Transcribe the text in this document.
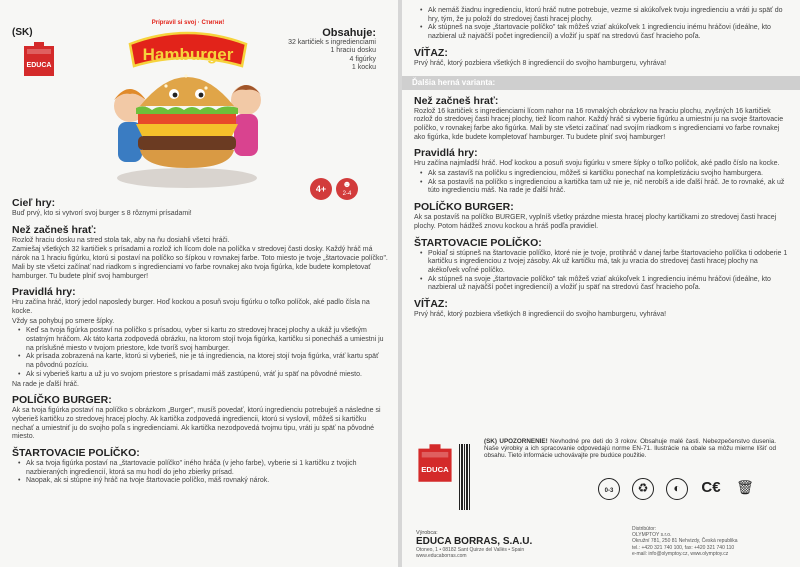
(SK)
EDUCA
Hamburger
Prípravil si svoj · Стигни!
Obsahuje:
32 kartičiek s ingredienciami
1 hraciu dosku
4 figúrky
1 kocku
4+	☻
2-4
Cieľ hry:
Buď prvý, kto si vytvorí svoj burger s 8 rôznymi prísadami!
Než začneš hrať:
Rozlož hraciu dosku na stred stola tak, aby na ňu dosiahli všetci hráči.
Zamiešaj všetkých 32 kartičiek s prísadami a rozlož ich lícom dole na políčka v stredovej časti dosky. Každý hráč má nárok na 1 hraciu figúrku, ktorú si postaví na políčko so šípkou v rovnakej farbe. Toto miesto je tvoje „štartovacie políčko". Mali by ste všetci začínať nad riadkom s ingredienciami vo farbe rovnakej ako tvoja figúrka, kde budete kompletovať hamburger. Tu budete plniť svoj hamburger!
Pravidlá hry:
Hru začína hráč, ktorý jedol naposledy burger. Hoď kockou a posuň svoju figúrku o toľko políčok, aké padlo čísla na kocke.
Vždy sa pohybuj po smere šípky.
• Keď sa tvoja figúrka postaví na políčko s prísadou, vyber si kartu zo stredovej hracej plochy a ukáž ju všetkým ostatným hráčom. Ak táto karta zodpovedá obrázku, na ktorom stojí tvoja figúrka, kartičku si ponecháš a umiestni ju na príslušné miesto v tvojom priestore, kde tvoríš svoj hamburger.
• Ak prísada zobrazená na karte, ktorú si vyberieš, nie je tá ingrediencia, na ktorej stojí tvoja figúrka, vráť kartu späť na pôvodnú pozíciu.
• Ak si vyberieš kartu a už ju vo svojom priestore s prísadami máš zastúpenú, vráť ju späť na pôvodné miesto.
Na rade je ďalší hráč.
POLÍČKO BURGER:
Ak sa tvoja figúrka postaví na políčko s obrázkom „Burger", musíš povedať, ktorú ingredienciu potrebuješ a následne si vyberieš kartičku zo stredovej hracej plochy. Ak kartička zodpovedá ingrediencii, ktorú si vyslovil, môžeš si kartičku nechať a umiestniť ju do svojho poľa s ingredienciami. Ak kartička nezodpovedá tvojmu tipu, vráti ju späť na pôvodné miesto.
ŠTARTOVACIE POLÍČKO:
• Ak sa tvoja figúrka postaví na „štartovacie políčko" iného hráča (v jeho farbe), vyberie si 1 kartičku z tvojich nazbieraných ingrediencií, ktorá sa mu hodí do jeho zbierky prísad.
• Naopak, ak si stúpne iný hráč na tvoje štartovacie políčko, máš rovnaký nárok.
• Ak nemáš žiadnu ingredienciu, ktorú hráč nutne potrebuje, vezme si akúkoľvek tvoju ingredienciu a vráti ju späť do hry, tým, že ju položí do stredovej časti hracej plochy.
• Ak stúpneš na svoje „štartovacie políčko" tak môžeš vziať akúkoľvek 1 ingredienciu inému hráčovi (ideálne, kto nazbieral už najväčší počet ingrediencií) a vložiť ju späť na stredovú časť hracieho poľa.
VÍŤAZ:
Prvý hráč, ktorý pozbiera všetkých 8 ingrediencií do svojho hamburgeru, vyhráva!
Ďalšia herná varianta:
Než začneš hrať:
Rozlož 16 kartičiek s ingredienciami lícom nahor na 16 rovnakých obrázkov na hraciu plochu, zvyšných 16 kartičiek rozlož do stredovej časti hracej plochy, tiež lícom nahor. Každý hráč si vyberie figúrku a umiestni ju na svoje štartovacie políčko, v rovnakej farbe ako figúrka. Mali by ste všetci začínať nad svojím riadkom s ingredienciami vo farbe rovnakej ako figúrka, kde budete kompletovať hamburger. Tu budete plniť svoj hamburger!
Pravidlá hry:
Hru začína najmladší hráč. Hoď kockou a posuň svoju figúrku v smere šípky o toľko políčok, aké padlo číslo na kocke.
• Ak sa zastavíš na políčku s ingredienciou, môžeš si kartičku ponechať na kompletizáciu svojho hamburgera.
• Ak sa postavíš na políčko s ingredienciou a kartička tam už nie je, nič nerobíš a ide ďalší hráč. Je to rovnaké, ak už túto ingredienciu máš. Na rade je ďalší hráč.
POLÍČKO BURGER:
Ak sa postavíš na políčko BURGER, vyplníš všetky prázdne miesta hracej plochy kartičkami zo stredovej časti hracej plochy. Potom hádžeš znovu kockou a hráš podľa pravidiel.
ŠTARTOVACIE POLÍČKO:
• Pokiaľ si stúpneš na štartovacie políčko, ktoré nie je tvoje, protihráč v danej farbe štartovacieho políčka ti odoberie 1 kartičku s ingredienciou z tvojej zásoby. Ak už kartičku má, tak ju vracia do stredovej časti hracej plochy na akékoľvek voľné políčko.
• Ak stúpneš na svoje „štartovacie políčko" tak môžeš vziať akúkoľvek 1 ingredienciu inému hráčovi (ideálne, kto nazbieral už najväčší počet ingrediencií) a vložiť ju späť na stredovú časť hracieho poľa.
VÍŤAZ:
Prvý hráč, ktorý pozbiera všetkých 8 ingrediencií do svojho hamburgeru, vyhráva!
EDUCA
(SK) UPOZORNENIE! Nevhodné pre deti do 3 rokov. Obsahuje malé časti. Nebezpečenstvo dusenia. Naše výrobky a ich spracovanie odpovedajú norme EN-71. Ilustrácie na obale sa môžu mierne líšiť od obsahu. Tieto informácie uchovávajte pre budúce použitie.
0-3	♻	◐	C€ 🗑
Výrobca:
EDUCA BORRAS, S.A.U.
Otoneo, 1 • 08182 Sant Quirze del Vallès • Spain
www.educaborras.com
Distribútor:
OLYMPTOY s.r.o.
Okružní 781, 250 81 Nehvizdy, Česká republika
tel.: +420 321 740 100, fax: +420 321 740 110
e-mail: info@olymptoy.cz, www.olymptoy.cz
